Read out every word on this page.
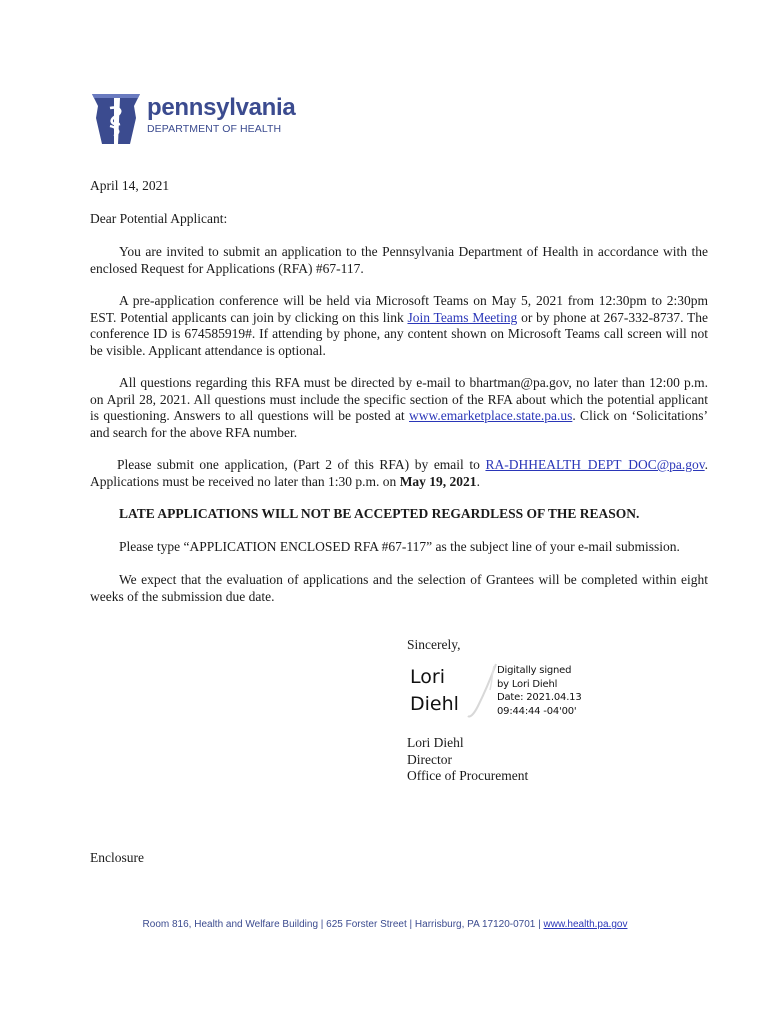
pennsylvania
DEPARTMENT OF HEALTH

April 14, 2021

Dear Potential Applicant:

You are invited to submit an application to the Pennsylvania Department of Health in accordance with the enclosed Request for Applications (RFA) #67-117.

A pre-application conference will be held via Microsoft Teams on May 5, 2021 from 12:30pm to 2:30pm EST. Potential applicants can join by clicking on this link Join Teams Meeting or by phone at 267-332-8737. The conference ID is 674585919#. If attending by phone, any content shown on Microsoft Teams call screen will not be visible. Applicant attendance is optional.

All questions regarding this RFA must be directed by e-mail to bhartman@pa.gov, no later than 12:00 p.m. on April 28, 2021. All questions must include the specific section of the RFA about which the potential applicant is questioning. Answers to all questions will be posted at www.emarketplace.state.pa.us. Click on ‘Solicitations’ and search for the above RFA number.

Please submit one application, (Part 2 of this RFA) by email to RA-DHHEALTH_DEPT_DOC@pa.gov. Applications must be received no later than 1:30 p.m. on May 19, 2021.

LATE APPLICATIONS WILL NOT BE ACCEPTED REGARDLESS OF THE REASON.

Please type “APPLICATION ENCLOSED RFA #67-117” as the subject line of your e-mail submission.

We expect that the evaluation of applications and the selection of Grantees will be completed within eight weeks of the submission due date.

Sincerely,
Lori
Diehl
Digitally signed
by Lori Diehl
Date: 2021.04.13
09:44:44 -04'00'
Lori Diehl
Director
Office of Procurement

Enclosure

Room 816, Health and Welfare Building | 625 Forster Street | Harrisburg, PA 17120-0701 | www.health.pa.gov
